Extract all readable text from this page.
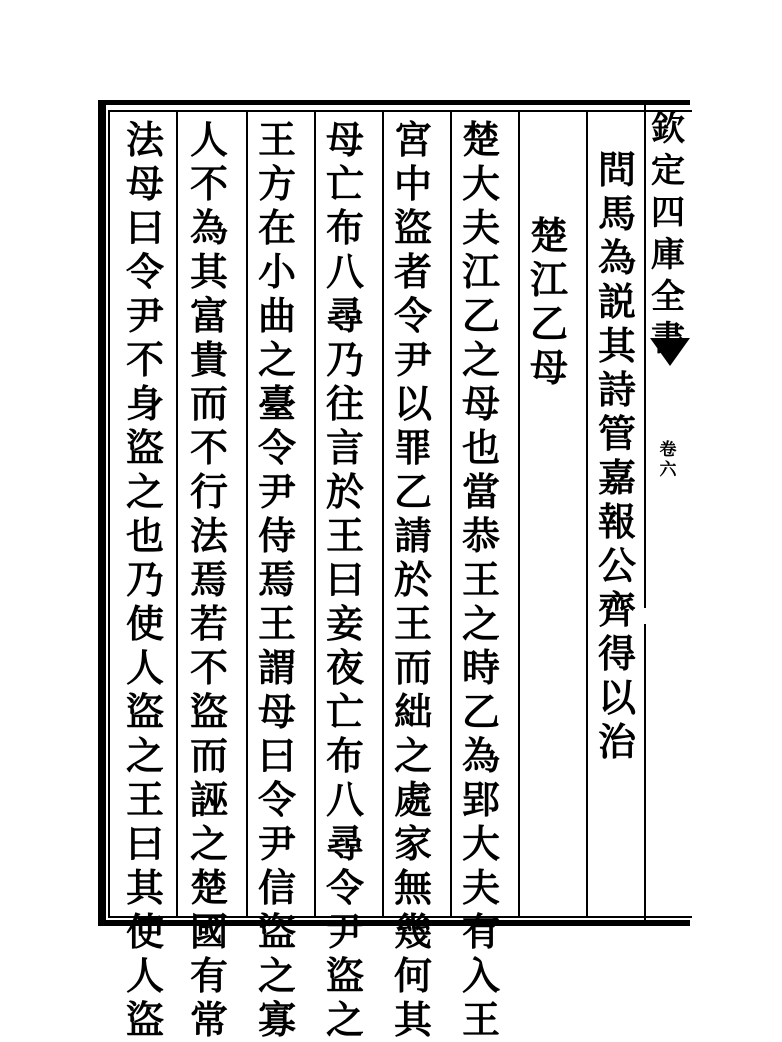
欽
定
四
庫
全
書
卷
六
問
馬
為
説
其
詩
管
嘉
報
公
齊
得
以
治
楚
江
乙
母
楚
大
夫
江
乙
之
母
也
當
恭
王
之
時
乙
為
郢
大
夫
有
入
王
宮
中
盜
者
令
尹
以
罪
乙
請
於
王
而
絀
之
處
家
無
幾
何
其
母
亡
布
八
尋
乃
往
言
於
王
曰
妾
夜
亡
布
八
尋
令
尹
盜
之
王
方
在
小
曲
之
臺
令
尹
侍
焉
王
謂
母
曰
令
尹
信
盜
之
寡
人
不
為
其
富
貴
而
不
行
法
焉
若
不
盜
而
誣
之
楚
國
有
常
法
母
曰
令
尹
不
身
盜
之
也
乃
使
人
盜
之
王
曰
其
使
人
盜
